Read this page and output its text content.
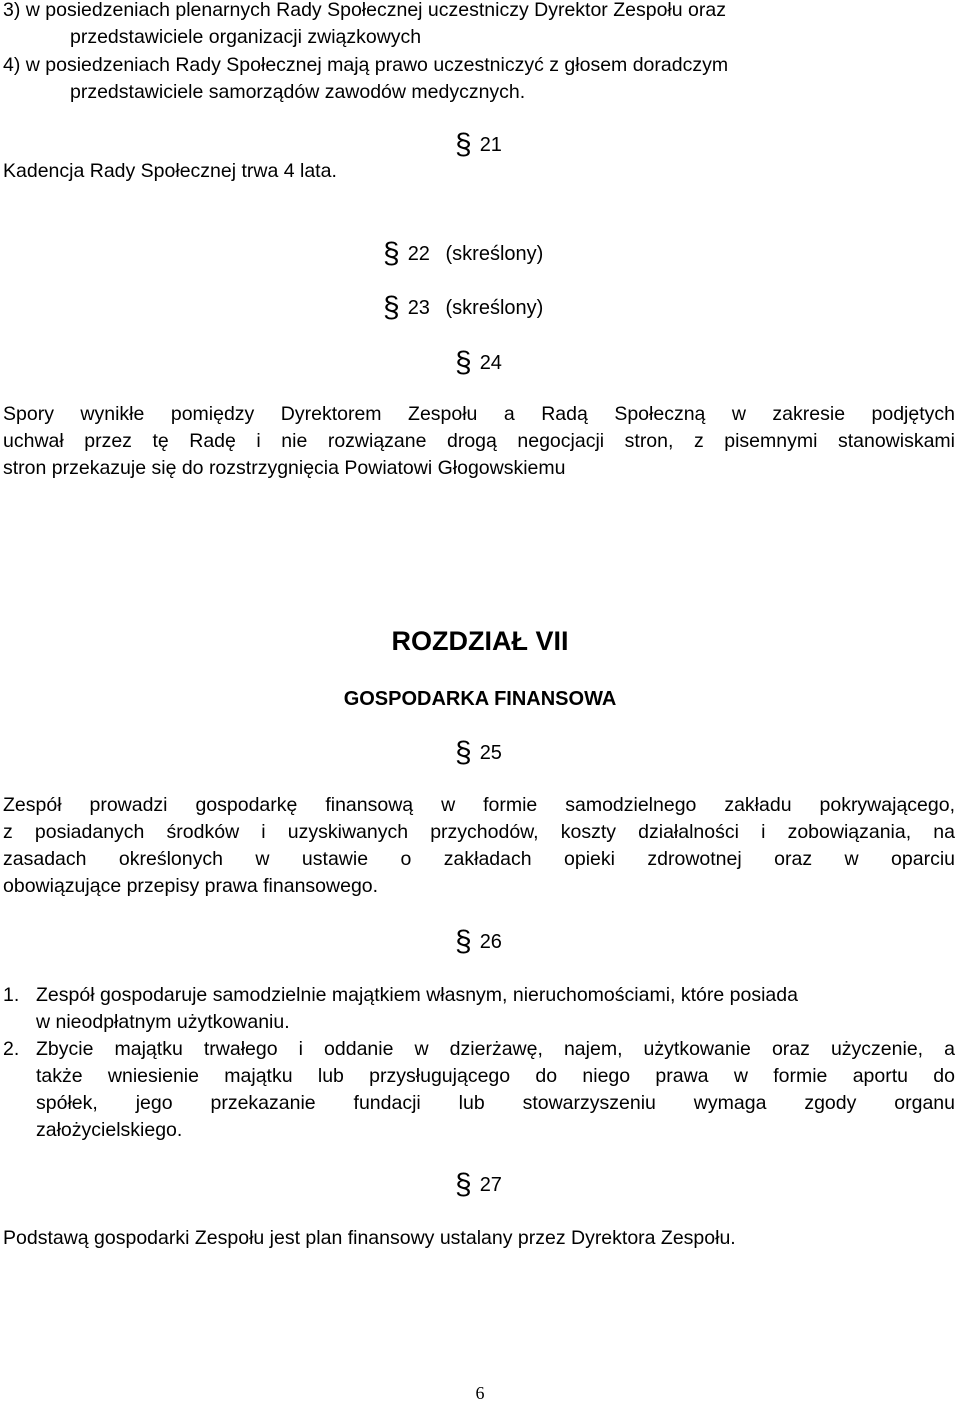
3) w posiedzeniach plenarnych Rady Społecznej uczestniczy Dyrektor Zespołu oraz
przedstawiciele organizacji związkowych
4) w posiedzeniach Rady Społecznej mają prawo uczestniczyć z głosem doradczym
przedstawiciele samorządów zawodów medycznych.
§ 21
Kadencja Rady Społecznej trwa 4 lata.
§ 22 (skreślony)
§ 23 (skreślony)
§ 24
Spory wynikłe pomiędzy Dyrektorem Zespołu a Radą Społeczną w zakresie podjętych
uchwał przez tę Radę i nie rozwiązane drogą negocjacji stron, z pisemnymi stanowiskami
stron przekazuje się do rozstrzygnięcia Powiatowi Głogowskiemu
ROZDZIAŁ VII
GOSPODARKA FINANSOWA
§ 25
Zespół prowadzi gospodarkę finansową w formie samodzielnego zakładu pokrywającego,
z posiadanych środków i uzyskiwanych przychodów, koszty działalności i zobowiązania, na
zasadach określonych w ustawie o zakładach opieki zdrowotnej oraz w oparciu
obowiązujące przepisy prawa finansowego.
§ 26
1. Zespół gospodaruje samodzielnie majątkiem własnym, nieruchomościami, które posiada
w nieodpłatnym użytkowaniu.
2. Zbycie majątku trwałego i oddanie w dzierżawę, najem, użytkowanie oraz użyczenie, a
także wniesienie majątku lub przysługującego do niego prawa w formie aportu do
spółek, jego przekazanie fundacji lub stowarzyszeniu wymaga zgody organu
założycielskiego.
§ 27
Podstawą gospodarki Zespołu jest plan finansowy ustalany przez Dyrektora Zespołu.
6
